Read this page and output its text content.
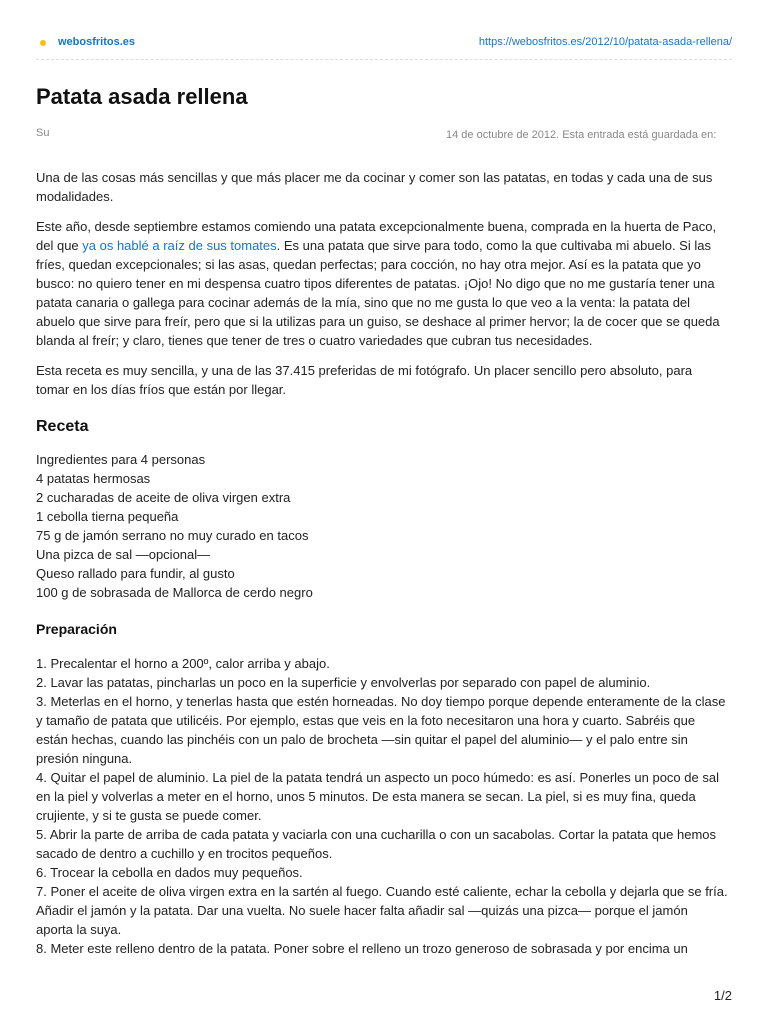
webosfritos.es	https://webosfritos.es/2012/10/patata-asada-rellena/
Patata asada rellena
Su	14 de octubre de 2012. Esta entrada está guardada en:

Una de las cosas más sencillas y que más placer me da cocinar y comer son las patatas, en todas y cada una de sus modalidades.

Este año, desde septiembre estamos comiendo una patata excepcionalmente buena, comprada en la huerta de Paco, del que ya os hablé a raíz de sus tomates. Es una patata que sirve para todo, como la que cultivaba mi abuelo. Si las fríes, quedan excepcionales; si las asas, quedan perfectas; para cocción, no hay otra mejor. Así es la patata que yo busco: no quiero tener en mi despensa cuatro tipos diferentes de patatas. ¡Ojo! No digo que no me gustaría tener una patata canaria o gallega para cocinar además de la mía, sino que no me gusta lo que veo a la venta: la patata del abuelo que sirve para freír, pero que si la utilizas para un guiso, se deshace al primer hervor; la de cocer que se queda blanda al freír; y claro, tienes que tener de tres o cuatro variedades que cubran tus necesidades.

Esta receta es muy sencilla, y una de las 37.415 preferidas de mi fotógrafo. Un placer sencillo pero absoluto, para tomar en los días fríos que están por llegar.

Receta
Ingredientes para 4 personas
4 patatas hermosas
2 cucharadas de aceite de oliva virgen extra
1 cebolla tierna pequeña
75 g de jamón serrano no muy curado en tacos
Una pizca de sal —opcional—
Queso rallado para fundir, al gusto
100 g de sobrasada de Mallorca de cerdo negro
Preparación
1. Precalentar el horno a 200º, calor arriba y abajo.
2. Lavar las patatas, pincharlas un poco en la superficie y envolverlas por separado con papel de aluminio.
3. Meterlas en el horno, y tenerlas hasta que estén horneadas. No doy tiempo porque depende enteramente de la clase y tamaño de patata que utilicéis. Por ejemplo, estas que veis en la foto necesitaron una hora y cuarto. Sabréis que están hechas, cuando las pinchéis con un palo de brocheta —sin quitar el papel del aluminio— y el palo entre sin presión ninguna.
4. Quitar el papel de aluminio. La piel de la patata tendrá un aspecto un poco húmedo: es así. Ponerles un poco de sal en la piel y volverlas a meter en el horno, unos 5 minutos. De esta manera se secan. La piel, si es muy fina, queda crujiente, y si te gusta se puede comer.
5. Abrir la parte de arriba de cada patata y vaciarla con una cucharilla o con un sacabolas. Cortar la patata que hemos sacado de dentro a cuchillo y en trocitos pequeños.
6. Trocear la cebolla en dados muy pequeños.
7. Poner el aceite de oliva virgen extra en la sartén al fuego. Cuando esté caliente, echar la cebolla y dejarla que se fría. Añadir el jamón y la patata. Dar una vuelta. No suele hacer falta añadir sal —quizás una pizca— porque el jamón aporta la suya.
8. Meter este relleno dentro de la patata. Poner sobre el relleno un trozo generoso de sobrasada y por encima un
1/2
